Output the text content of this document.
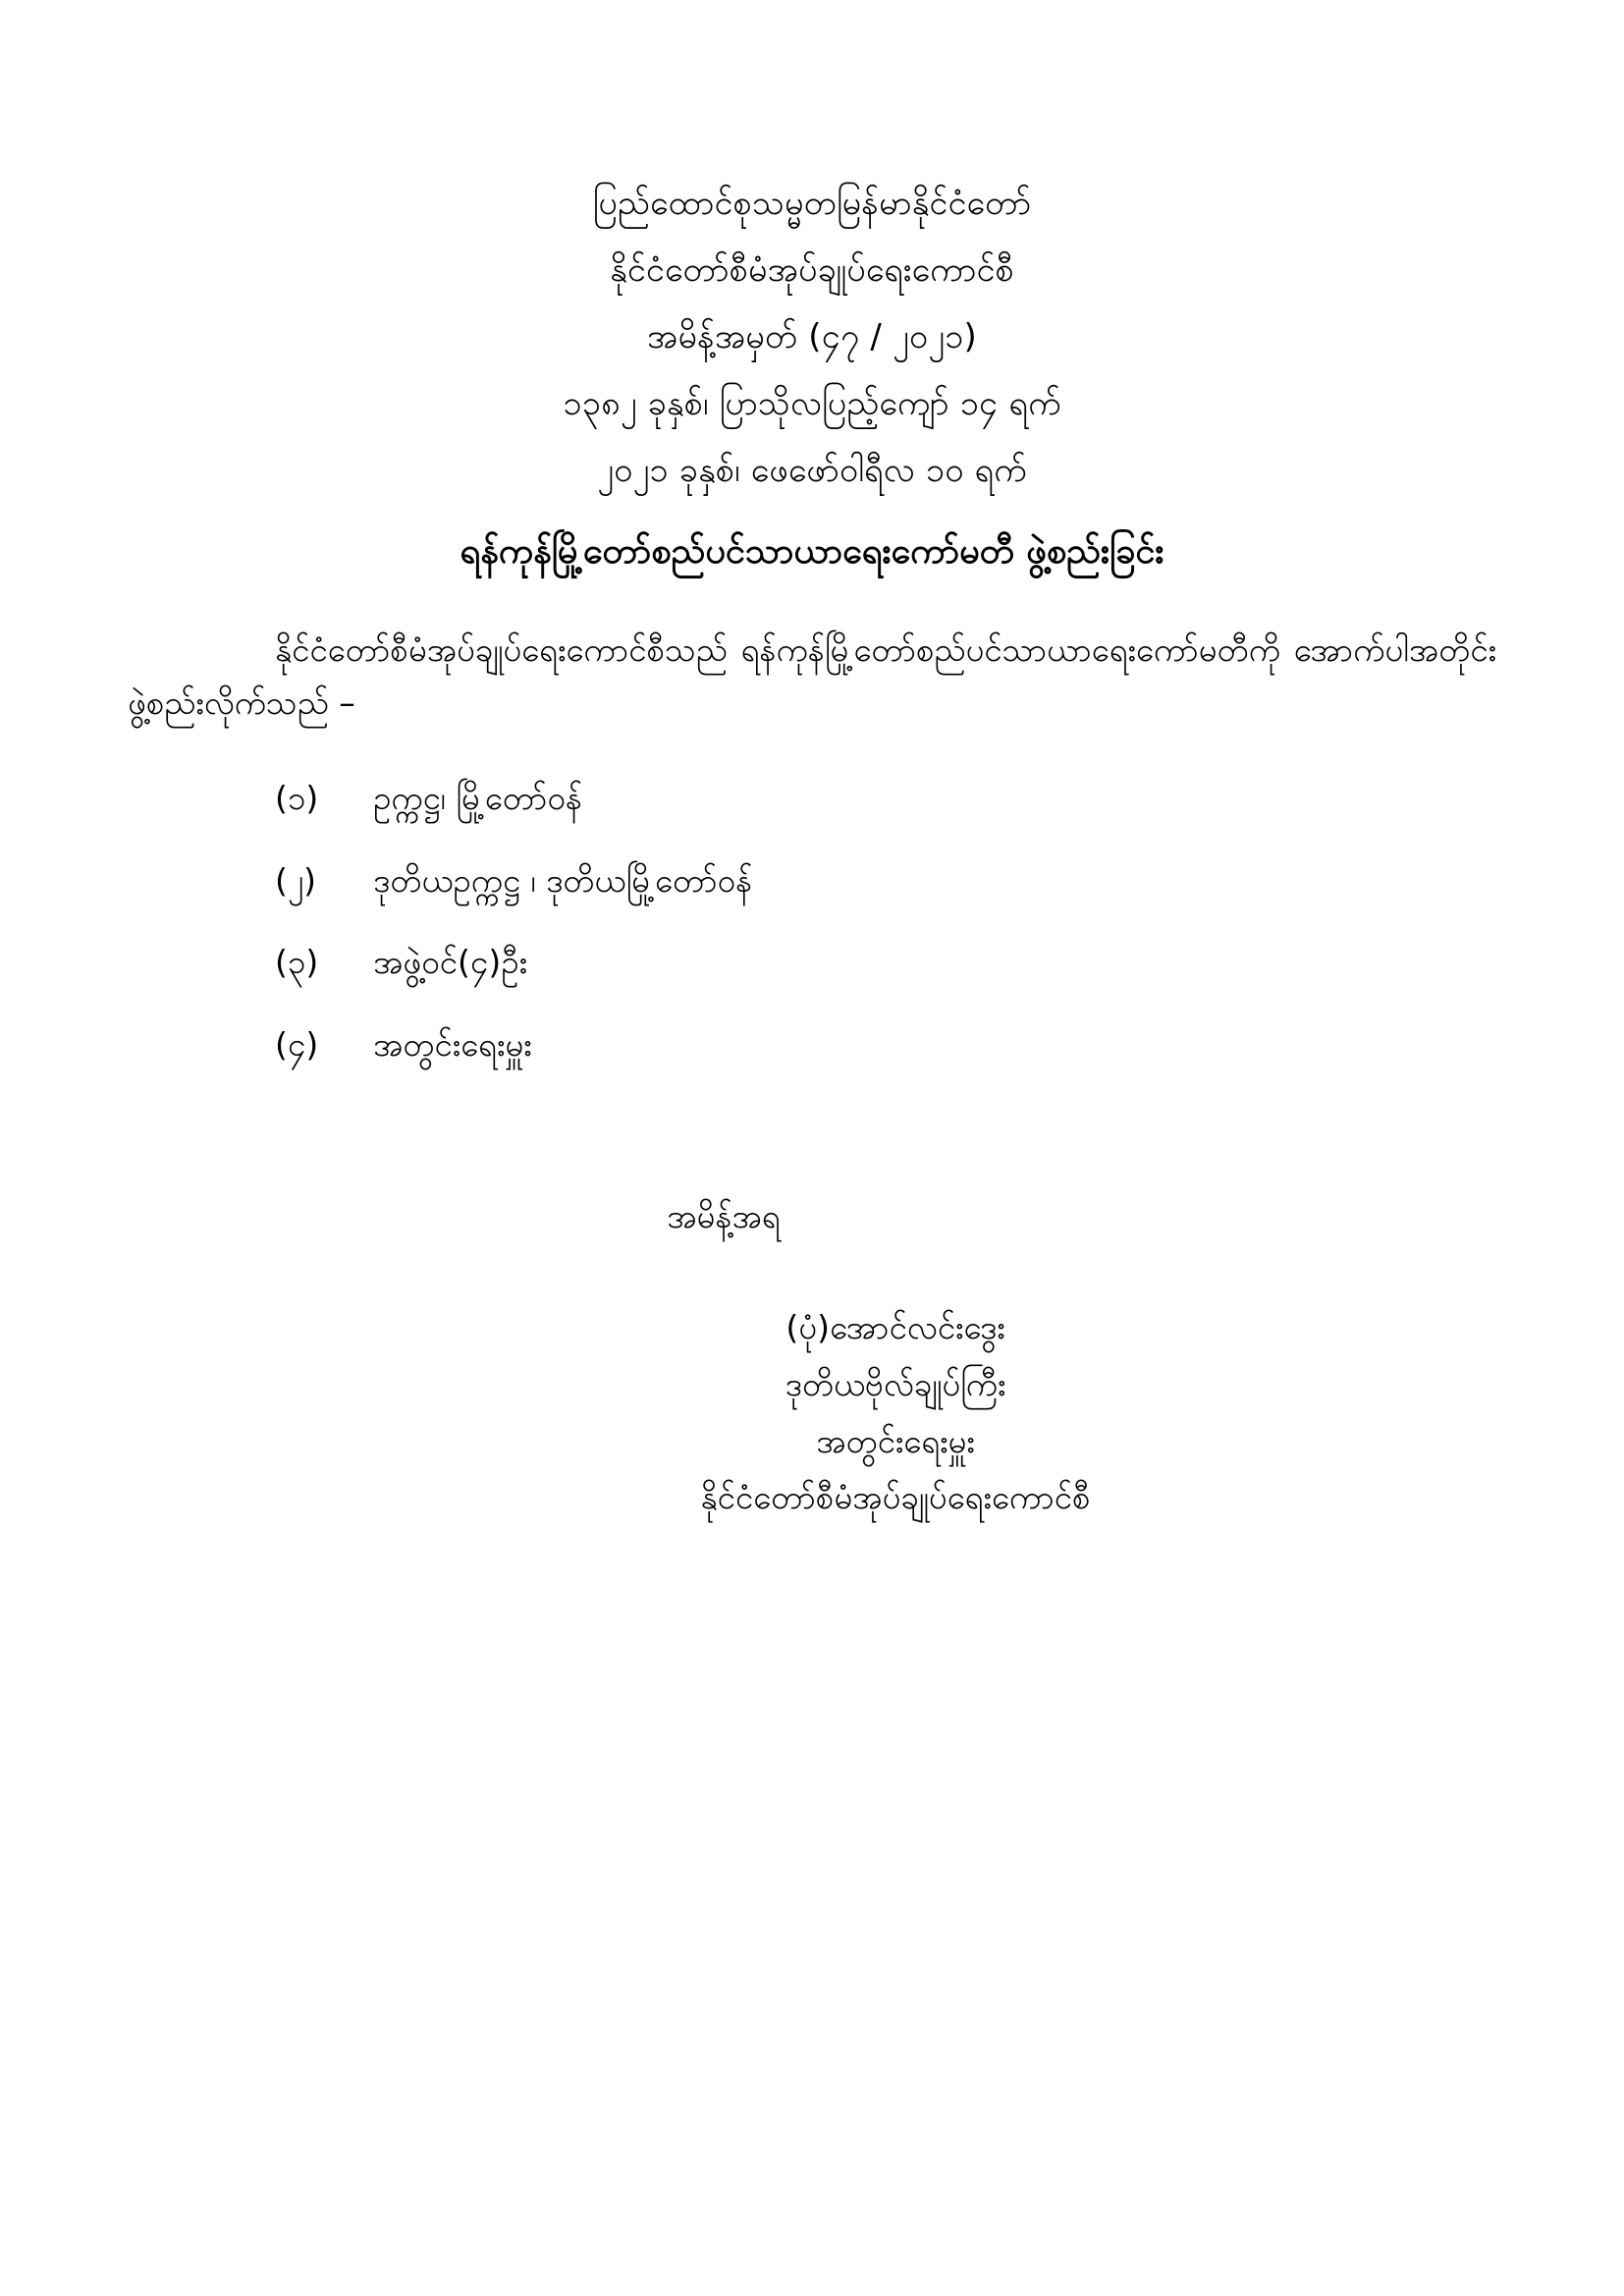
ပြည်ထောင်စုသမ္မတမြန်မာနိုင်ငံတော်
နိုင်ငံတော်စီမံအုပ်ချုပ်ရေးကောင်စီ
အမိန့်အမှတ် (၄၇ / ၂၀၂၁)
၁၃၈၂ ခုနှစ်၊ ပြာသိုလပြည့်ကျော် ၁၄ ရက်
၂၀၂၁ ခုနှစ်၊ ဖေဖော်ဝါရီလ ၁၀ ရက်
ရန်ကုန်မြို့တော်စည်ပင်သာယာရေးကော်မတီ ဖွဲ့စည်းခြင်း
နိုင်ငံတော်စီမံအုပ်ချုပ်ရေးကောင်စီသည် ရန်ကုန်မြို့တော်စည်ပင်သာယာရေးကော်မတီကို အောက်ပါအတိုင်း ဖွဲ့စည်းလိုက်သည် –
(၁)	ဥက္ကဋ္ဌ၊ မြို့တော်ဝန်
(၂)	ဒုတိယဥက္ကဋ္ဌ ၊ ဒုတိယမြို့တော်ဝန်
(၃)	အဖွဲ့ဝင်(၄)ဦး
(၄)	အတွင်းရေးမှူး
အမိန့်အရ
(ပုံ)အောင်လင်းဒွေး
ဒုတိယဗိုလ်ချုပ်ကြီး
အတွင်းရေးမှူး
နိုင်ငံတော်စီမံအုပ်ချုပ်ရေးကောင်စီ
